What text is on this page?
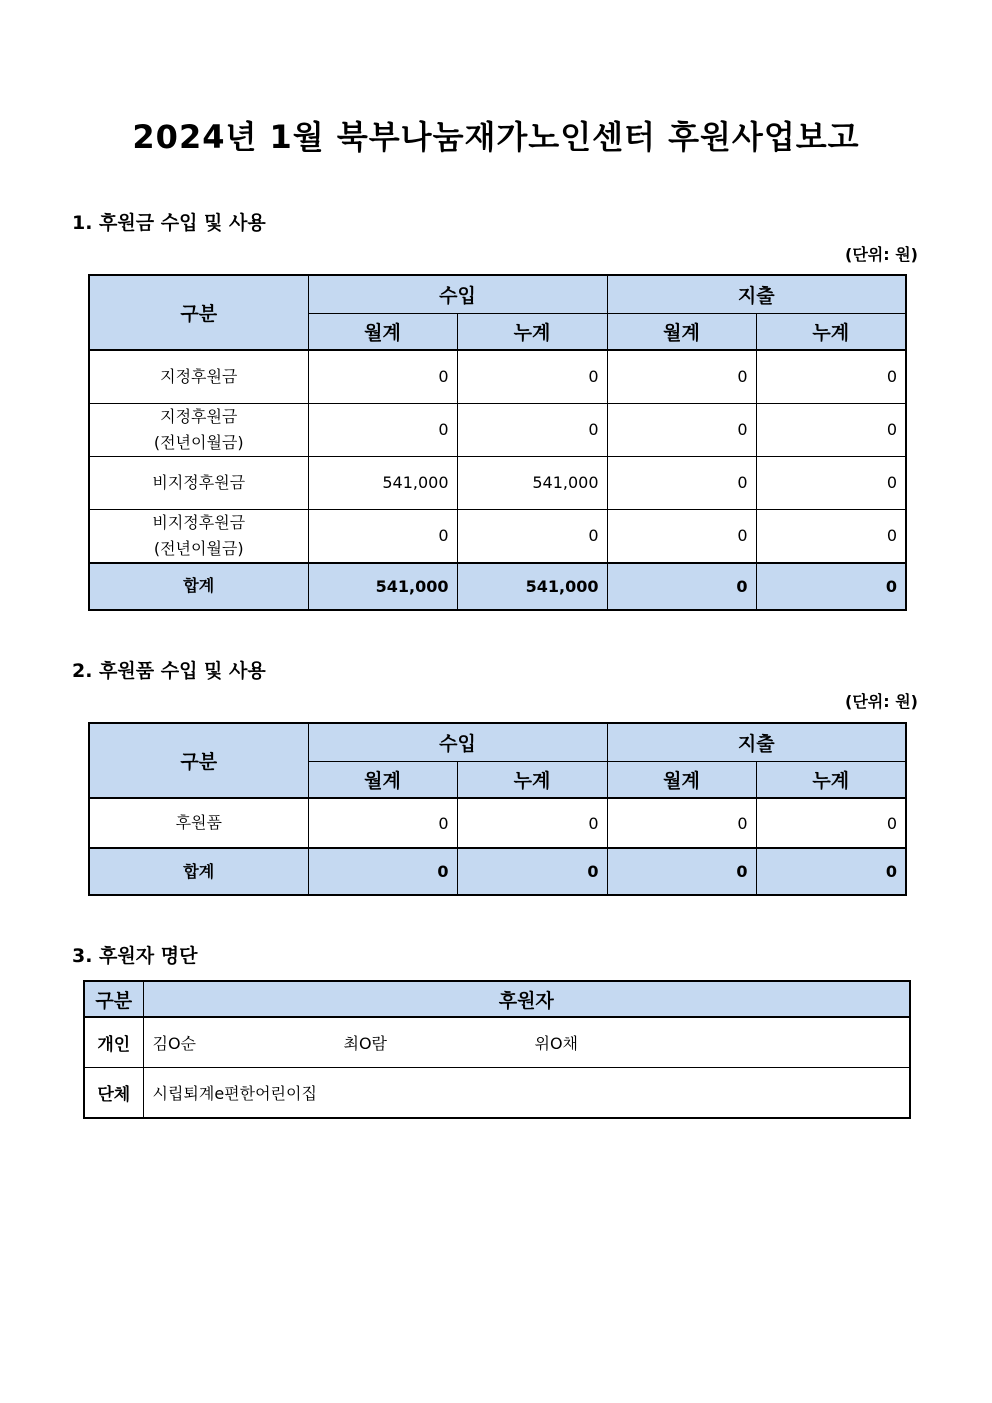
2024년 1월 북부나눔재가노인센터 후원사업보고
1. 후원금 수입 및 사용
(단위: 원)
구분	수입		지출	
	월계	누계	월계	누계
지정후원금	0	0	0	0
지정후원금
(전년이월금)	0	0	0	0
비지정후원금	541,000	541,000	0	0
비지정후원금
(전년이월금)	0	0	0	0
합계	541,000	541,000	0	0
2. 후원품 수입 및 사용
(단위: 원)
구분	수입		지출	
	월계	누계	월계	누계
후원품	0	0	0	0
합계	0	0	0	0
3. 후원자 명단
구분	후원자
개인	김O순 최O람 위O채
단체	시립퇴계e편한어린이집
